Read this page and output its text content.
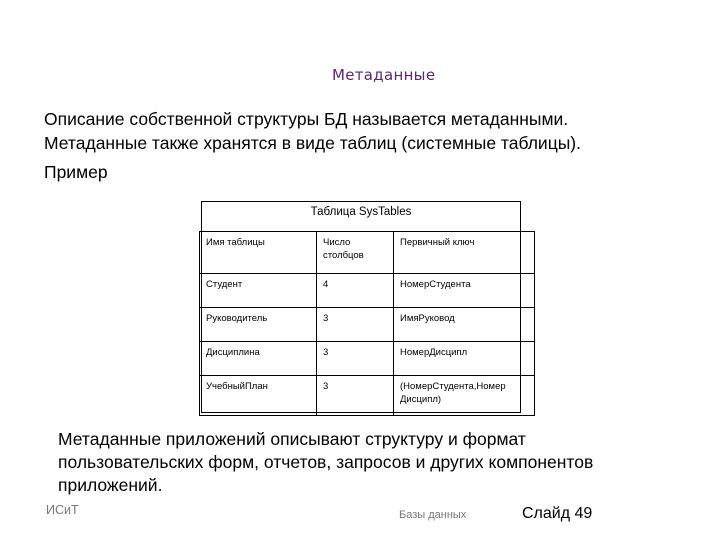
Метаданные
Описание собственной структуры БД называется метаданными.
Метаданные также хранятся в виде таблиц (системные таблицы).
Пример
Таблица SysTables
Имя таблицы	Число столбцов	Первичный ключ
Студент	4	НомерСтудента
Руководитель	3	ИмяРуковод
Дисциплина	3	НомерДисципл
УчебныйПлан	3	(НомерСтудента,Номер Дисципл)
Метаданные приложений описывают структуру и формат
пользовательских форм, отчетов, запросов и других компонентов
приложений.
ИСиТ	Базы данных	Слайд 49
